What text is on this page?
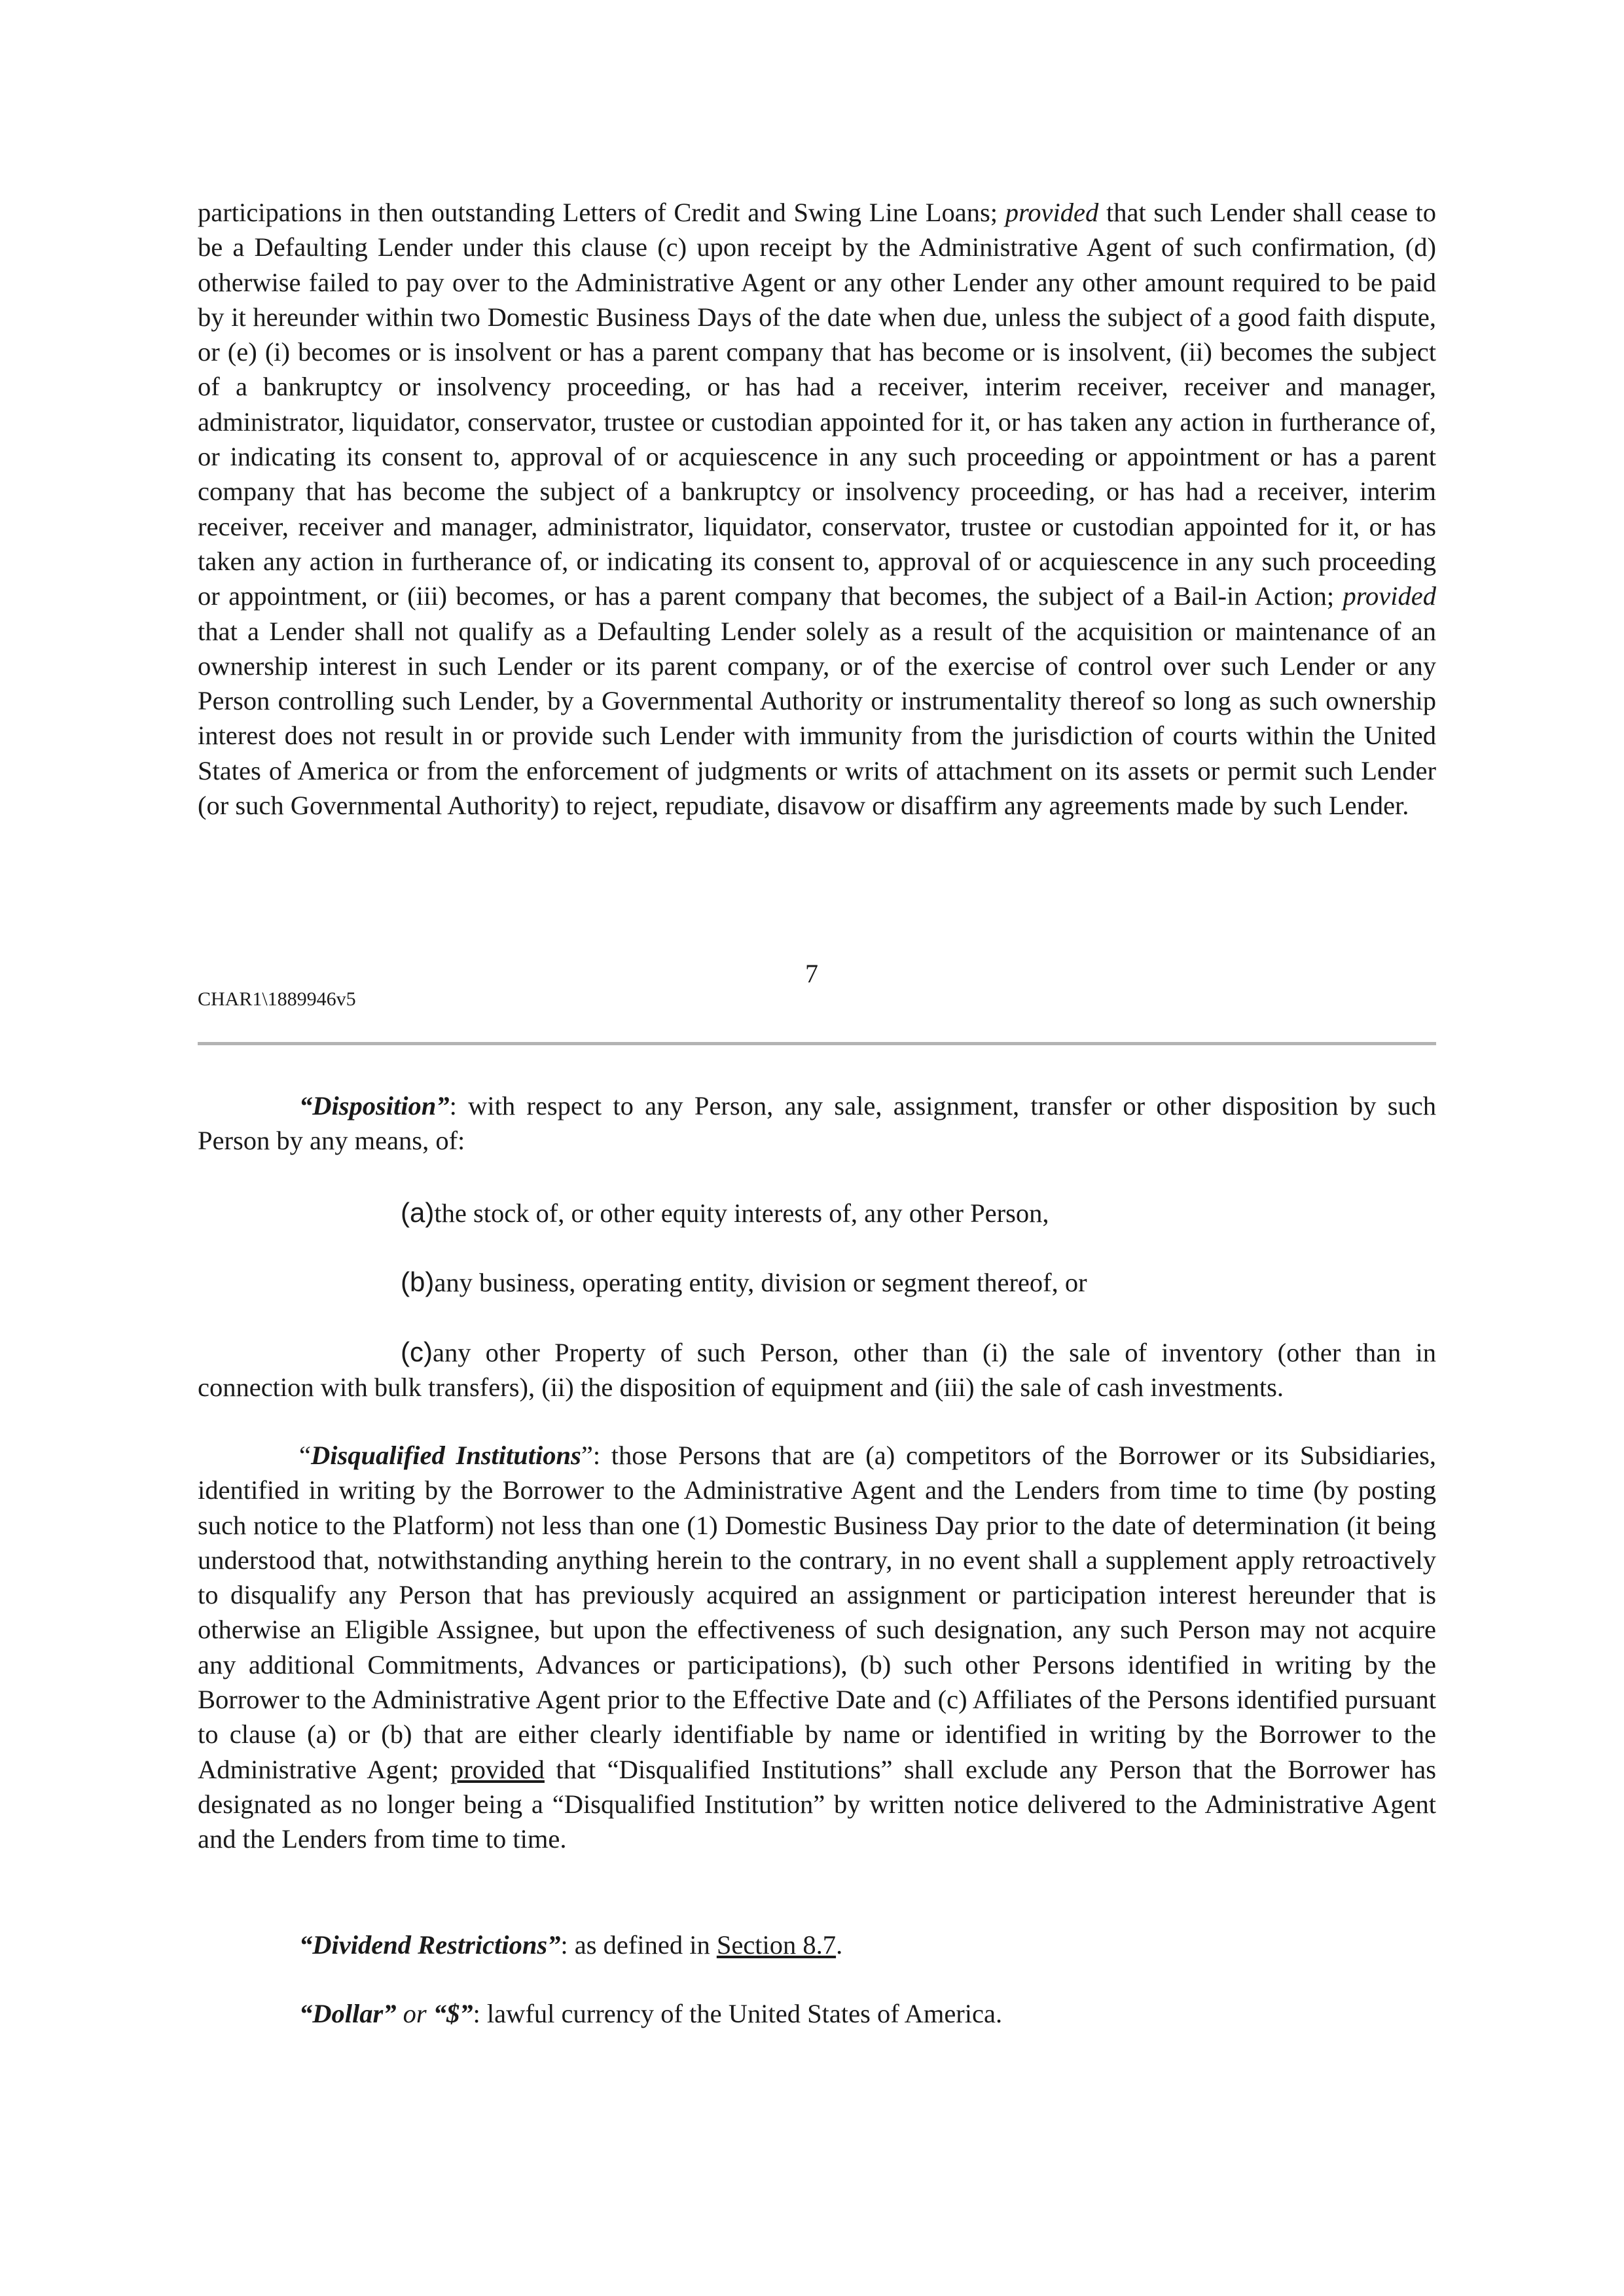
participations in then outstanding Letters of Credit and Swing Line Loans; provided that such Lender shall cease to be a Defaulting Lender under this clause (c) upon receipt by the Administrative Agent of such confirmation, (d) otherwise failed to pay over to the Administrative Agent or any other Lender any other amount required to be paid by it hereunder within two Domestic Business Days of the date when due, unless the subject of a good faith dispute, or (e) (i) becomes or is insolvent or has a parent company that has become or is insolvent, (ii) becomes the subject of a bankruptcy or insolvency proceeding, or has had a receiver, interim receiver, receiver and manager, administrator, liquidator, conservator, trustee or custodian appointed for it, or has taken any action in furtherance of, or indicating its consent to, approval of or acquiescence in any such proceeding or appointment or has a parent company that has become the subject of a bankruptcy or insolvency proceeding, or has had a receiver, interim receiver, receiver and manager, administrator, liquidator, conservator, trustee or custodian appointed for it, or has taken any action in furtherance of, or indicating its consent to, approval of or acquiescence in any such proceeding or appointment, or (iii) becomes, or has a parent company that becomes, the subject of a Bail-in Action; provided that a Lender shall not qualify as a Defaulting Lender solely as a result of the acquisition or maintenance of an ownership interest in such Lender or its parent company, or of the exercise of control over such Lender or any Person controlling such Lender, by a Governmental Authority or instrumentality thereof so long as such ownership interest does not result in or provide such Lender with immunity from the jurisdiction of courts within the United States of America or from the enforcement of judgments or writs of attachment on its assets or permit such Lender (or such Governmental Authority) to reject, repudiate, disavow or disaffirm any agreements made by such Lender.

7
CHAR1\1889946v5

“Disposition”: with respect to any Person, any sale, assignment, transfer or other disposition by such Person by any means, of:

(a)the stock of, or other equity interests of, any other Person,

(b)any business, operating entity, division or segment thereof, or

(c)any other Property of such Person, other than (i) the sale of inventory (other than in connection with bulk transfers), (ii) the disposition of equipment and (iii) the sale of cash investments.

“Disqualified Institutions”: those Persons that are (a) competitors of the Borrower or its Subsidiaries, identified in writing by the Borrower to the Administrative Agent and the Lenders from time to time (by posting such notice to the Platform) not less than one (1) Domestic Business Day prior to the date of determination (it being understood that, notwithstanding anything herein to the contrary, in no event shall a supplement apply retroactively to disqualify any Person that has previously acquired an assignment or participation interest hereunder that is otherwise an Eligible Assignee, but upon the effectiveness of such designation, any such Person may not acquire any additional Commitments, Advances or participations), (b) such other Persons identified in writing by the Borrower to the Administrative Agent prior to the Effective Date and (c) Affiliates of the Persons identified pursuant to clause (a) or (b) that are either clearly identifiable by name or identified in writing by the Borrower to the Administrative Agent; provided that “Disqualified Institutions” shall exclude any Person that the Borrower has designated as no longer being a “Disqualified Institution” by written notice delivered to the Administrative Agent and the Lenders from time to time.

“Dividend Restrictions”: as defined in Section 8.7.

“Dollar” or “$”: lawful currency of the United States of America.
